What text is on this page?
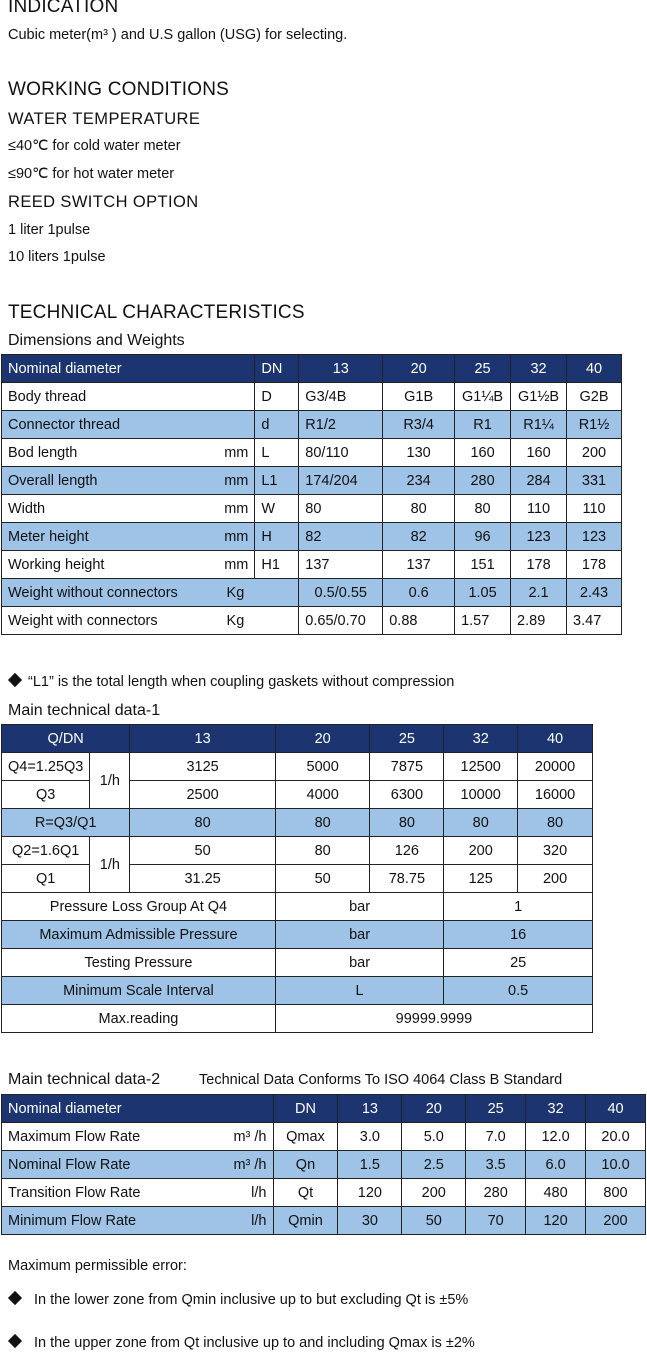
INDICATION
Cubic meter(m³ ) and U.S gallon (USG) for selecting.
WORKING CONDITIONS
WATER TEMPERATURE
≤40℃ for cold water meter
≤90℃ for hot water meter
REED SWITCH OPTION
1 liter 1pulse
10 liters 1pulse
TECHNICAL CHARACTERISTICS
Dimensions and Weights
Nominal diameter	DN	13	20	25	32	40
Body thread	D	G3/4B	G1B	G1¼B	G1½B	G2B
Connector thread	d	R1/2	R3/4	R1	R1¼	R1½
Bod length mm	L	80/110	130	160	160	200
Overall length mm	L1	174/204	234	280	284	331
Width mm	W	80	80	80	110	110
Meter height mm	H	82	82	96	123	123
Working height mm	H1	137	137	151	178	178
Weight without connectors Kg		0.5/0.55	0.6	1.05	2.1	2.43
Weight with connectors Kg		0.65/0.70	0.88	1.57	2.89	3.47
“L1” is the total length when coupling gaskets without compression
Main technical data-1
Q/DN		13	20	25	32	40
Q4=1.25Q3	1/h	3125	5000	7875	12500	20000
Q3		2500	4000	6300	10000	16000
R=Q3/Q1		80	80	80	80	80
Q2=1.6Q1	1/h	50	80	126	200	320
Q1		31.25	50	78.75	125	200
Pressure Loss Group At Q4			bar		1	
Maximum Admissible Pressure			bar		16	
Testing Pressure			bar		25	
Minimum Scale Interval			L		0.5	
Max.reading			99999.9999			
Main technical data-2	Technical Data Conforms To ISO 4064 Class B Standard
Nominal diameter	DN	13	20	25	32	40
Maximum Flow Rate m³ /h	Qmax	3.0	5.0	7.0	12.0	20.0
Nominal Flow Rate m³ /h	Qn	1.5	2.5	3.5	6.0	10.0
Transition Flow Rate l/h	Qt	120	200	280	480	800
Minimum Flow Rate l/h	Qmin	30	50	70	120	200
Maximum permissible error:
In the lower zone from Qmin inclusive up to but excluding Qt is ±5%
In the upper zone from Qt inclusive up to and including Qmax is ±2%
